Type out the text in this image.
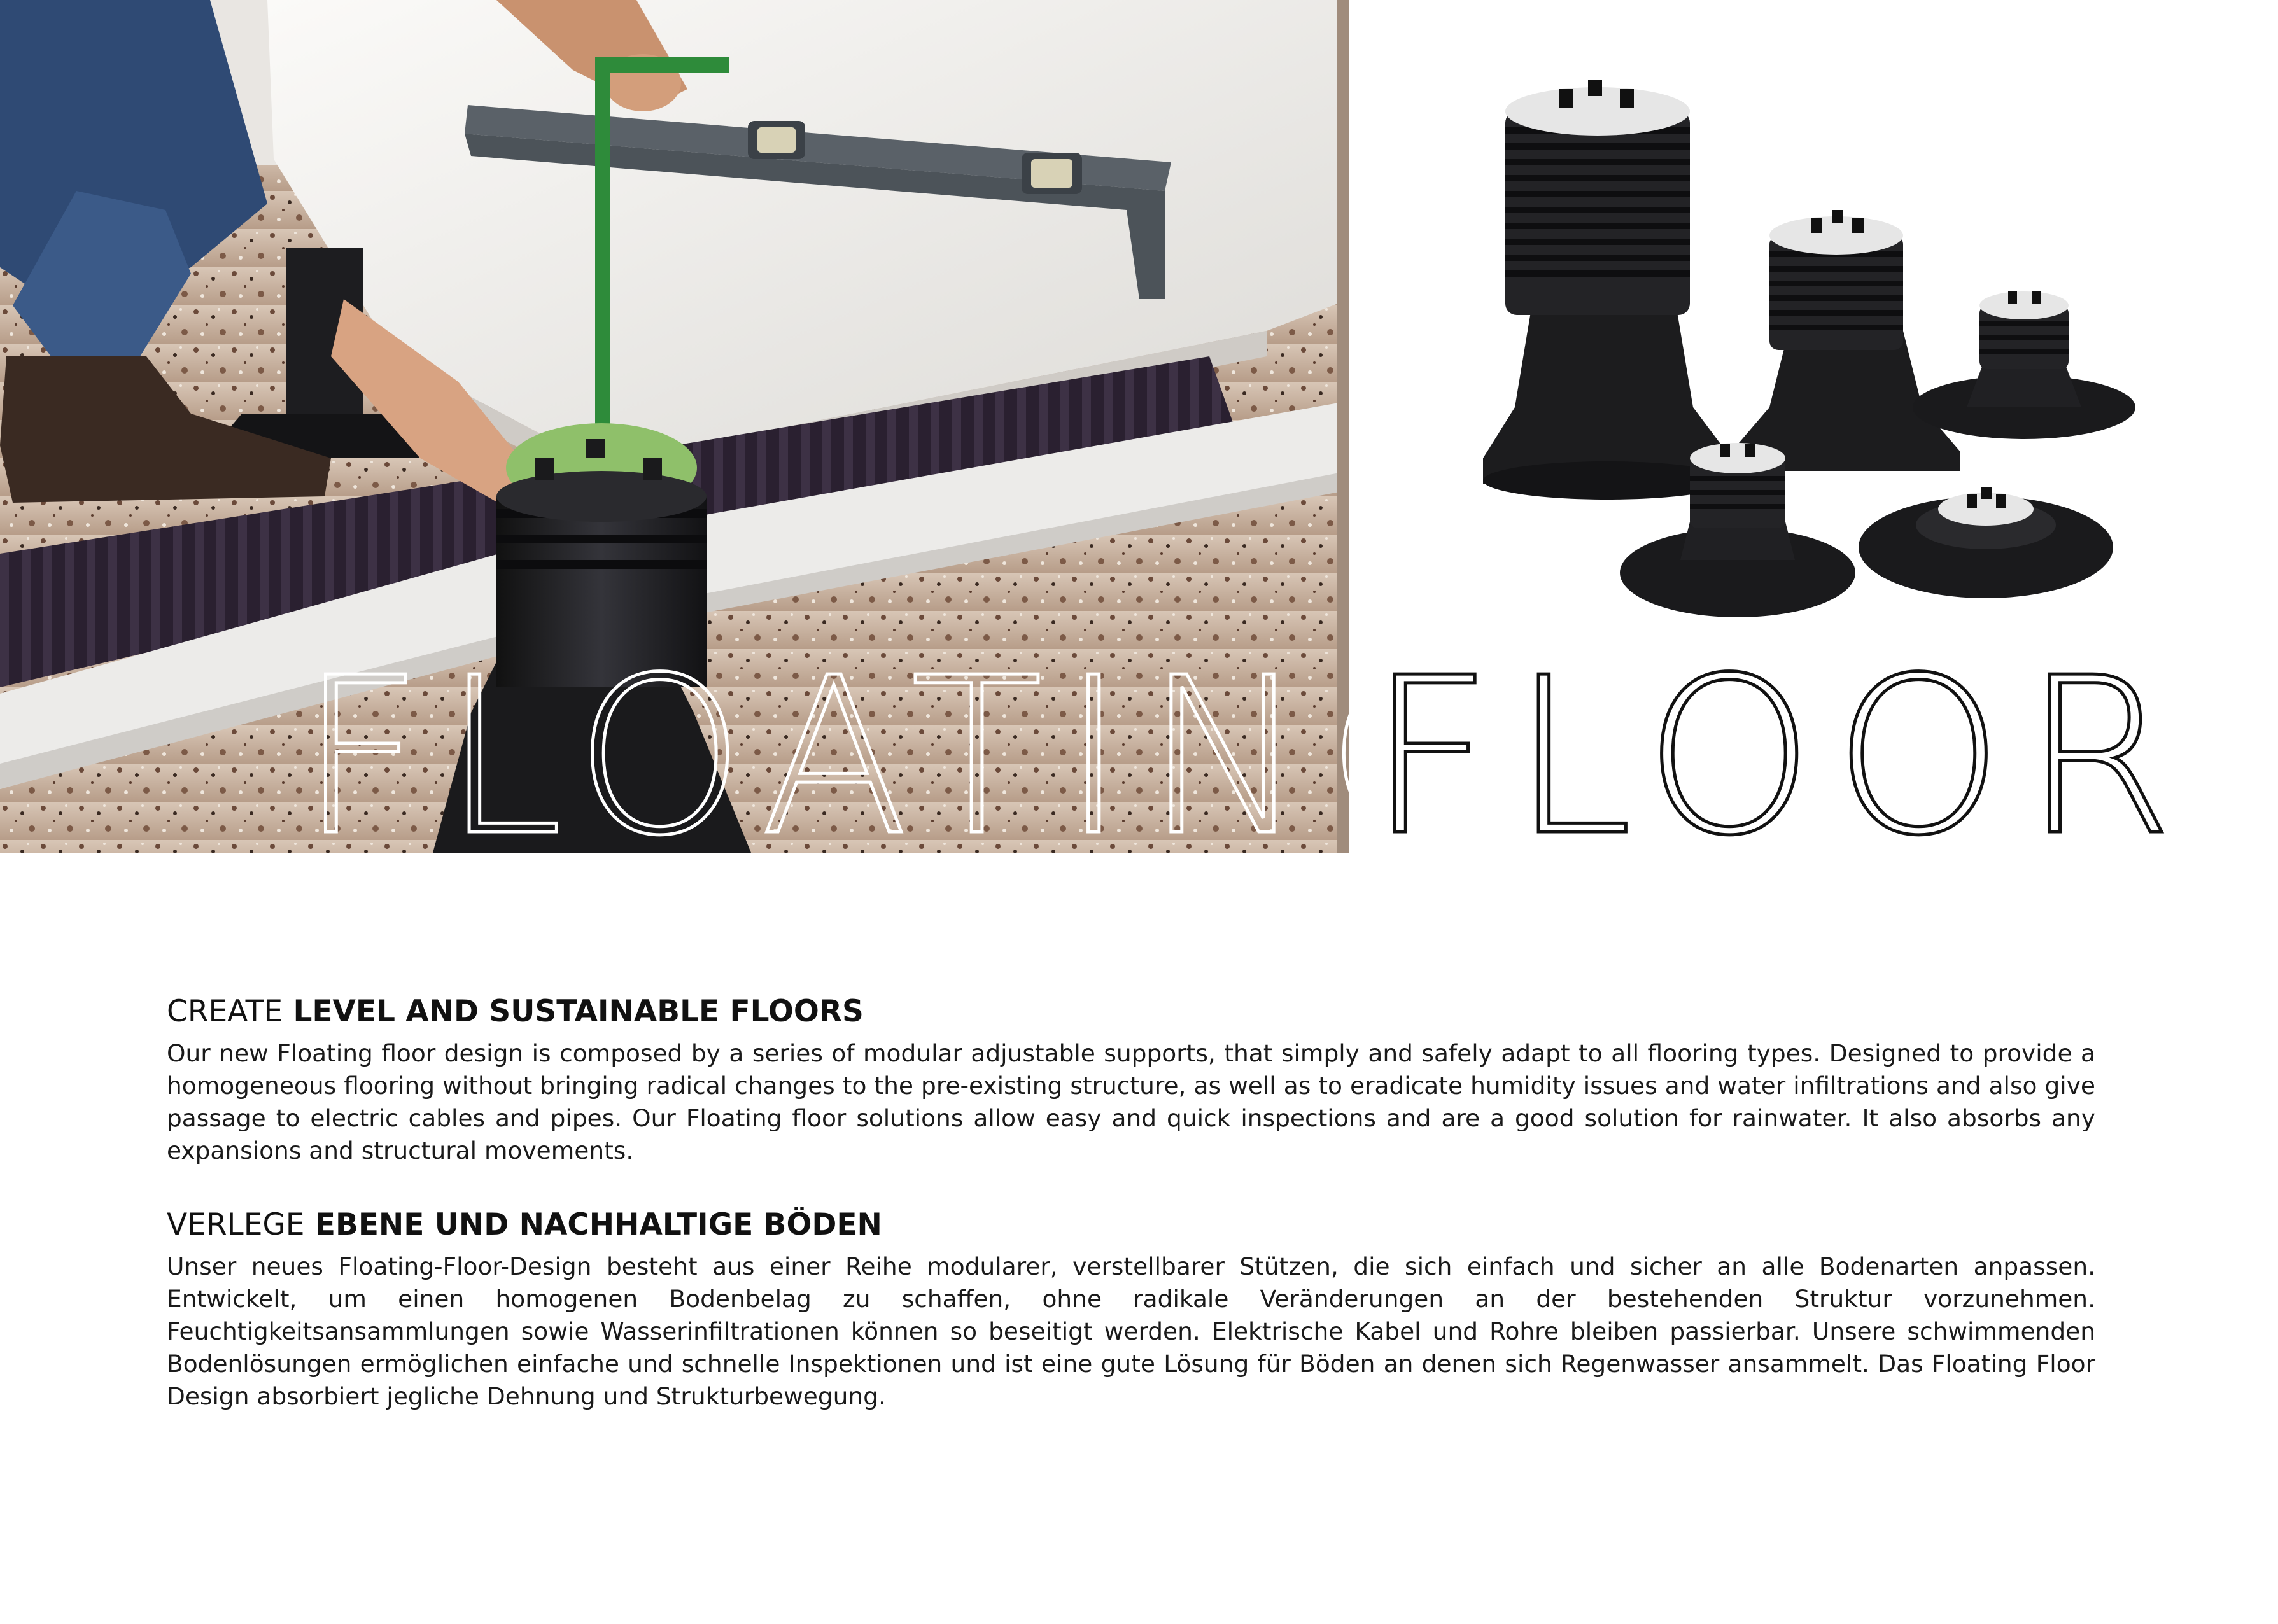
FLOOR
CREATE LEVEL AND SUSTAINABLE FLOORS

Our new Floating floor design is composed by a series of modular adjustable supports, that simply and safely adapt to all flooring types. Designed to provide a homogeneous flooring without bringing radical changes to the pre-existing structure, as well as to eradicate humidity issues and water infiltrations and also give passage to electric cables and pipes. Our Floating floor solutions allow easy and quick inspections and are a good solution for rainwater. It also absorbs any expansions and structural movements.

VERLEGE EBENE UND NACHHALTIGE BÖDEN

Unser neues Floating-Floor-Design besteht aus einer Reihe modularer, verstellbarer Stützen, die sich einfach und sicher an alle Bodenarten anpassen. Entwickelt, um einen homogenen Bodenbelag zu schaffen, ohne radikale Veränderungen an der bestehenden Struktur vorzunehmen. Feuchtigkeitsansammlungen sowie Wasserinfiltrationen können so beseitigt werden. Elektrische Kabel und Rohre bleiben passierbar. Unsere schwimmenden Bodenlösungen ermöglichen einfache und schnelle Inspektionen und ist eine gute Lösung für Böden an denen sich Regenwasser ansammelt. Das Floating Floor Design absorbiert jegliche Dehnung und Strukturbewegung.
